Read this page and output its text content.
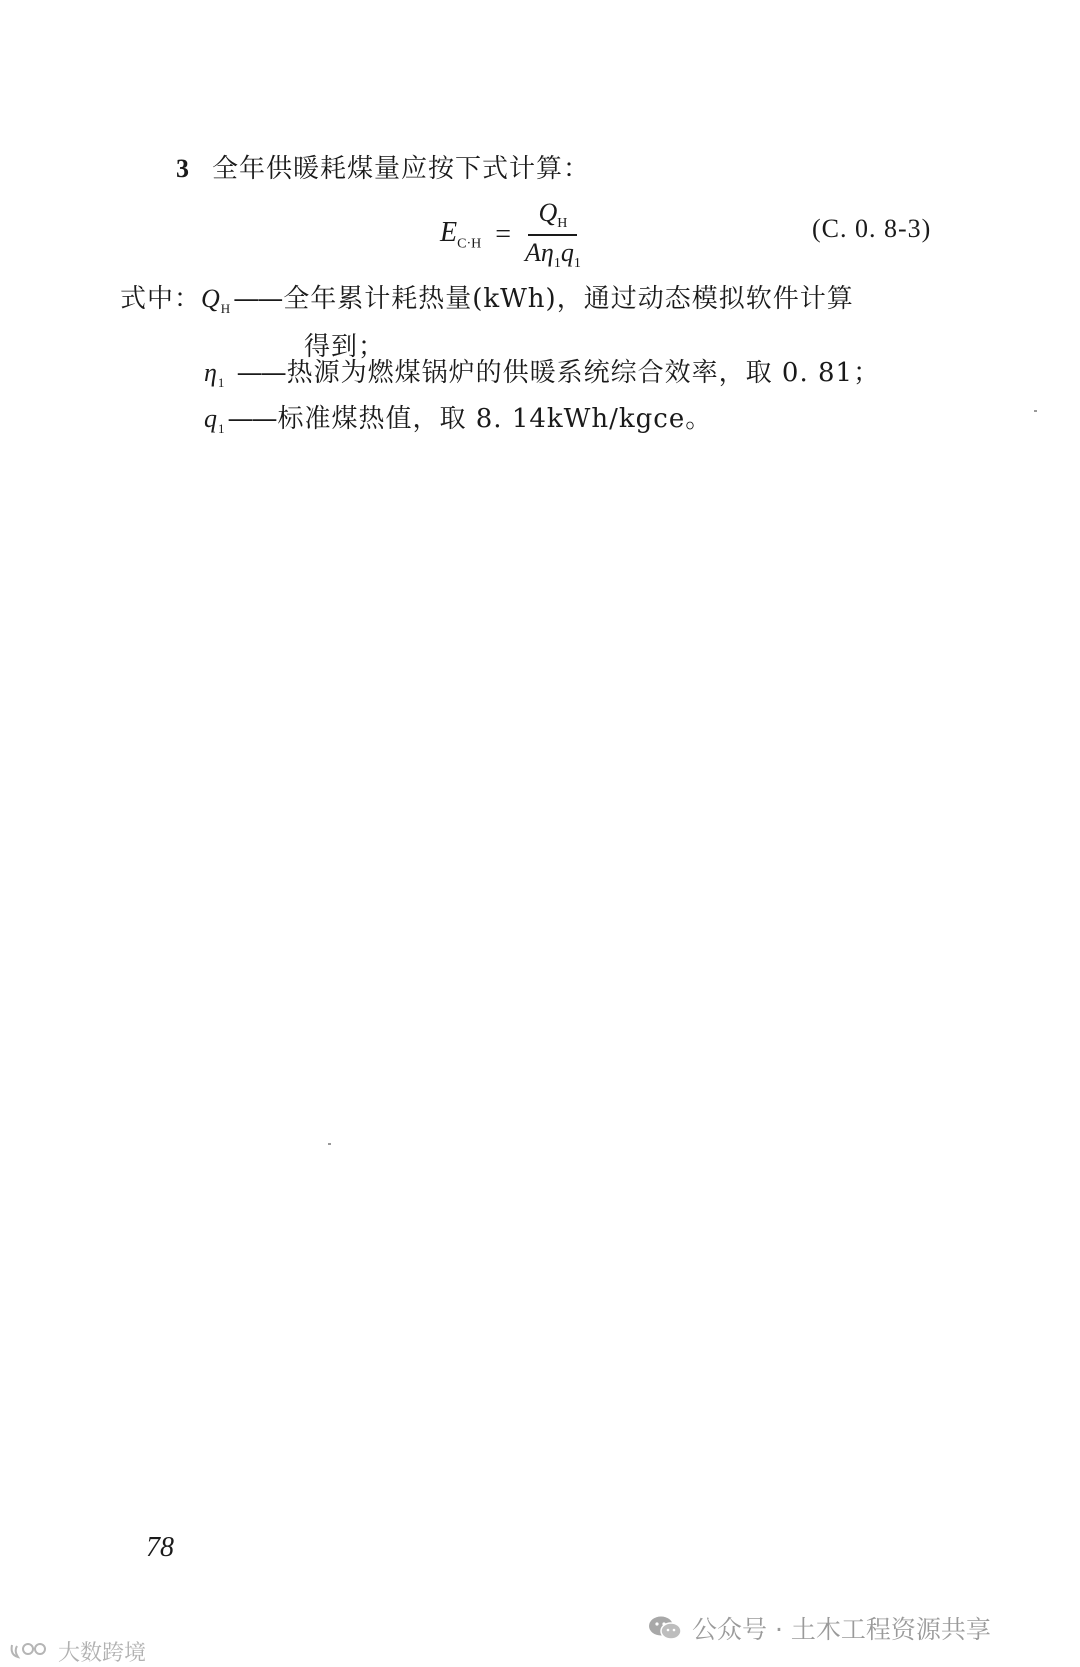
3 全年供暖耗煤量应按下式计算：
$E_{C\cdot H} = \frac{Q_H}{A\eta_1q_1}$	(C. 0. 8-3)
式中：$Q_H——$全年累计耗热量(kWh)，通过动态模拟软件计算
得到；
$\eta_1$ ——热源为燃煤锅炉的供暖系统综合效率，取 0. 81；
$q_1——$标准煤热值，取 8. 14kWh/kgce。
78
公众号 · 土木工程资源共享
大数跨境
